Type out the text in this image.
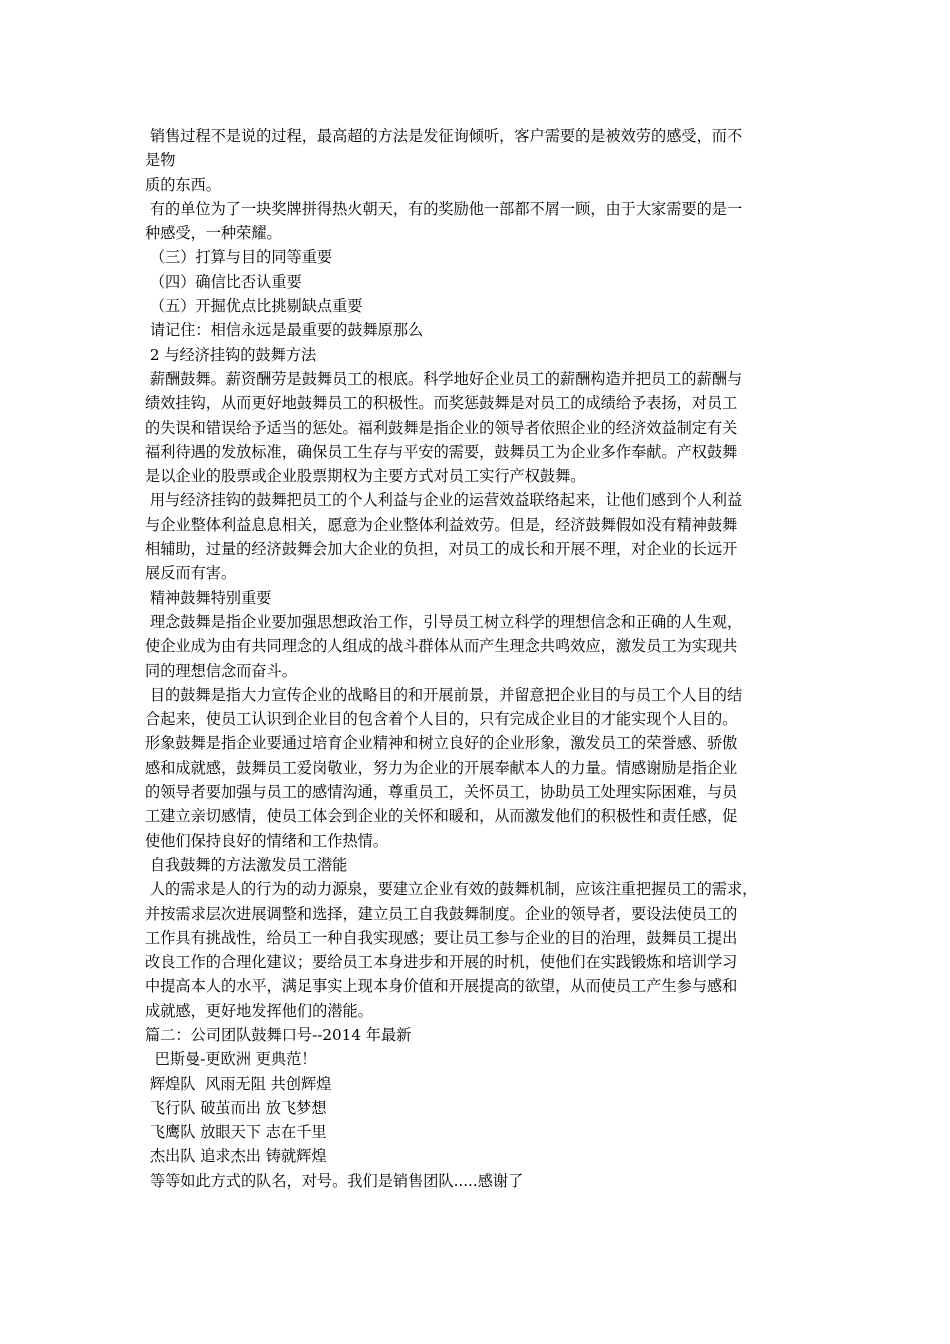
销售过程不是说的过程，最高超的方法是发征询倾听，客户需要的是被效劳的感受，而不
是物
质的东西。
有的单位为了一块奖牌拼得热火朝天，有的奖励他一部都不屑一顾，由于大家需要的是一
种感受，一种荣耀。
（三）打算与目的同等重要
（四）确信比否认重要
（五）开掘优点比挑剔缺点重要
请记住：相信永远是最重要的鼓舞原那么
2 与经济挂钩的鼓舞方法
薪酬鼓舞。薪资酬劳是鼓舞员工的根底。科学地好企业员工的薪酬构造并把员工的薪酬与
绩效挂钩，从而更好地鼓舞员工的积极性。而奖惩鼓舞是对员工的成绩给予表扬，对员工
的失误和错误给予适当的惩处。福利鼓舞是指企业的领导者依照企业的经济效益制定有关
福利待遇的发放标准，确保员工生存与平安的需要，鼓舞员工为企业多作奉献。产权鼓舞
是以企业的股票或企业股票期权为主要方式对员工实行产权鼓舞。
用与经济挂钩的鼓舞把员工的个人利益与企业的运营效益联络起来，让他们感到个人利益
与企业整体利益息息相关，愿意为企业整体利益效劳。但是，经济鼓舞假如没有精神鼓舞
相辅助，过量的经济鼓舞会加大企业的负担，对员工的成长和开展不理，对企业的长远开
展反而有害。
精神鼓舞特别重要
理念鼓舞是指企业要加强思想政治工作，引导员工树立科学的理想信念和正确的人生观，
使企业成为由有共同理念的人组成的战斗群体从而产生理念共鸣效应，激发员工为实现共
同的理想信念而奋斗。
目的鼓舞是指大力宣传企业的战略目的和开展前景，并留意把企业目的与员工个人目的结
合起来，使员工认识到企业目的包含着个人目的，只有完成企业目的才能实现个人目的。
形象鼓舞是指企业要通过培育企业精神和树立良好的企业形象，激发员工的荣誉感、骄傲
感和成就感，鼓舞员工爱岗敬业，努力为企业的开展奉献本人的力量。情感谢励是指企业
的领导者要加强与员工的感情沟通，尊重员工，关怀员工，协助员工处理实际困难，与员
工建立亲切感情，使员工体会到企业的关怀和暖和，从而激发他们的积极性和责任感，促
使他们保持良好的情绪和工作热情。
自我鼓舞的方法激发员工潜能
人的需求是人的行为的动力源泉，要建立企业有效的鼓舞机制，应该注重把握员工的需求，
并按需求层次进展调整和选择，建立员工自我鼓舞制度。企业的领导者，要设法使员工的
工作具有挑战性，给员工一种自我实现感；要让员工参与企业的目的治理，鼓舞员工提出
改良工作的合理化建议；要给员工本身进步和开展的时机，使他们在实践锻炼和培训学习
中提高本人的水平，满足事实上现本身价值和开展提高的欲望，从而使员工产生参与感和
成就感，更好地发挥他们的潜能。
篇二：公司团队鼓舞口号--2014 年最新
巴斯曼-更欧洲 更典范！
辉煌队  风雨无阻 共创辉煌
飞行队 破茧而出 放飞梦想
飞鹰队 放眼天下 志在千里
杰出队 追求杰出 铸就辉煌
等等如此方式的队名，对号。我们是销售团队.....感谢了
